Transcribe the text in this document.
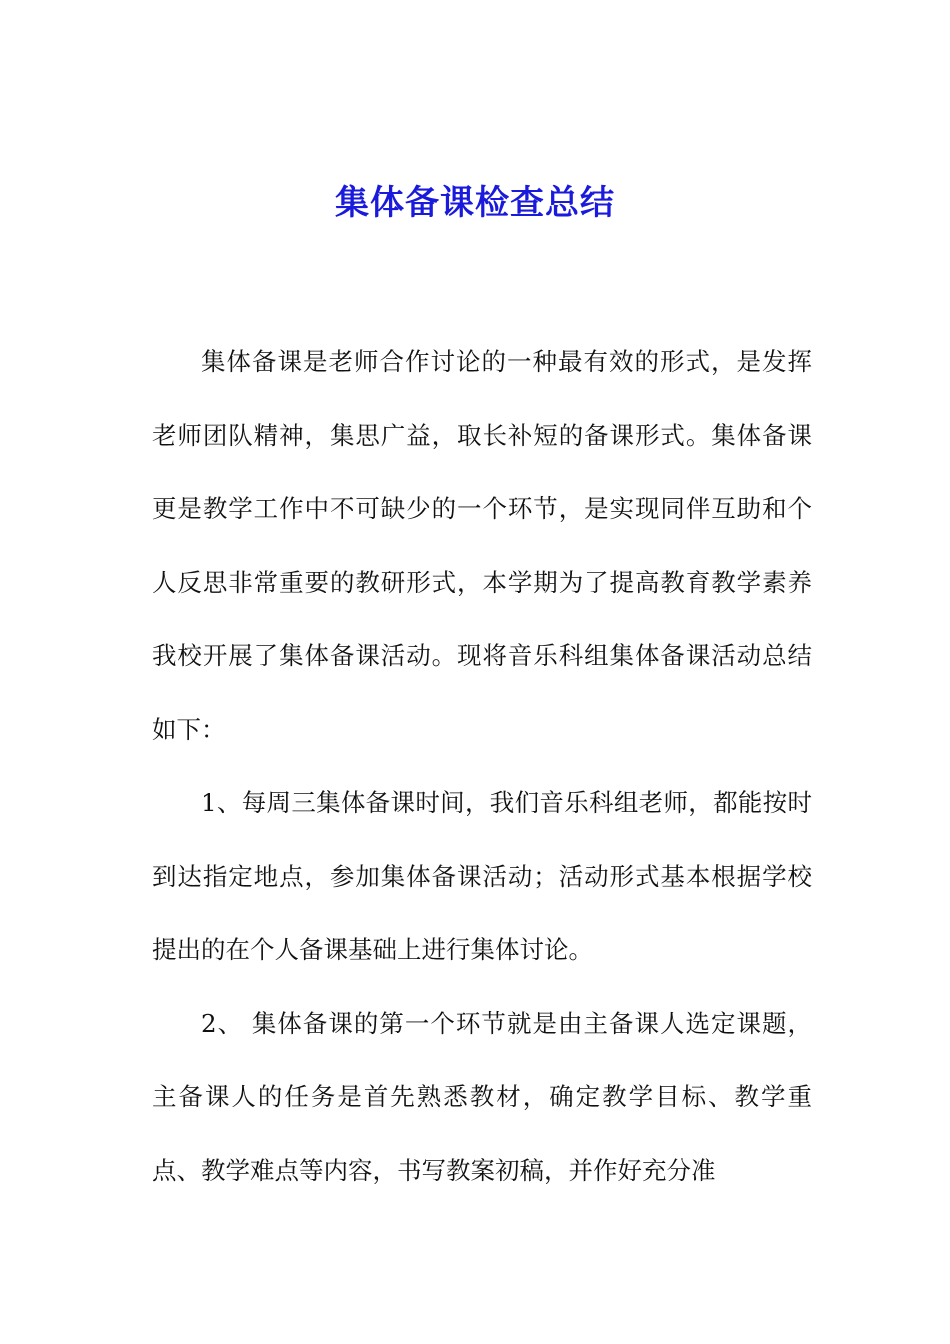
集体备课检查总结

集体备课是老师合作讨论的一种最有效的形式，是发挥老师团队精神，集思广益，取长补短的备课形式。集体备课更是教学工作中不可缺少的一个环节，是实现同伴互助和个人反思非常重要的教研形式，本学期为了提高教育教学素养我校开展了集体备课活动。现将音乐科组集体备课活动总结如下：

1、每周三集体备课时间，我们音乐科组老师，都能按时到达指定地点，参加集体备课活动；活动形式基本根据学校提出的在个人备课基础上进行集体讨论。

2、 集体备课的第一个环节就是由主备课人选定课题，主备课人的任务是首先熟悉教材，确定教学目标、教学重点、教学难点等内容，书写教案初稿，并作好充分准
